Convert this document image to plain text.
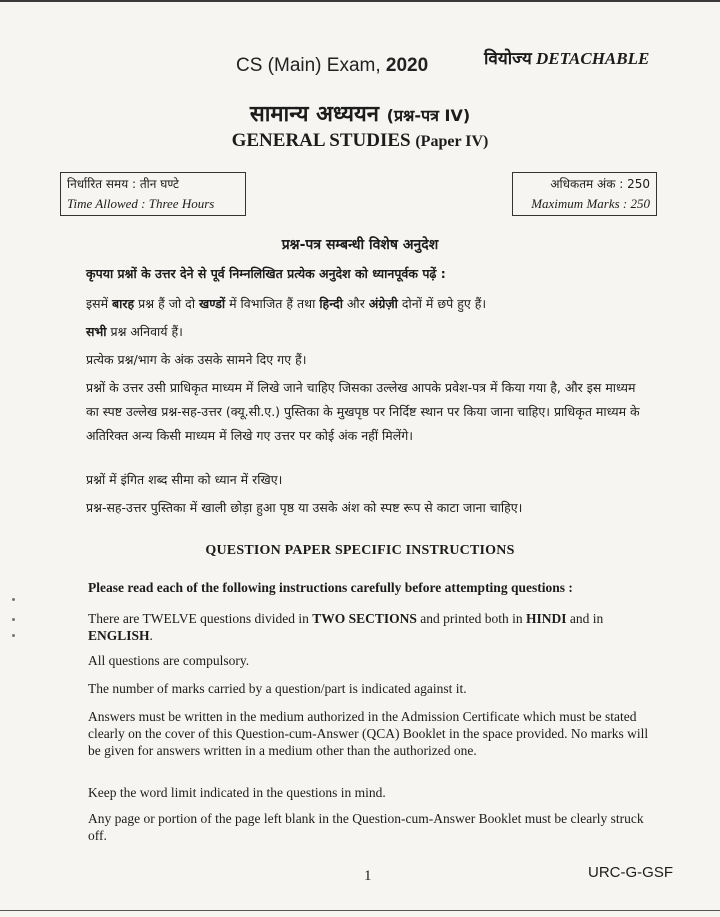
CS (Main) Exam, 2020	वियोज्य DETACHABLE
सामान्य अध्ययन (प्रश्न-पत्र IV)
GENERAL STUDIES (Paper IV)
निर्धारित समय : तीन घण्टे
Time Allowed : Three Hours
अधिकतम अंक : 250
Maximum Marks : 250
प्रश्न-पत्र सम्बन्धी विशेष अनुदेश
कृपया प्रश्नों के उत्तर देने से पूर्व निम्नलिखित प्रत्येक अनुदेश को ध्यानपूर्वक पढ़ें :
इसमें बारह प्रश्न हैं जो दो खण्डों में विभाजित हैं तथा हिन्दी और अंग्रेज़ी दोनों में छपे हुए हैं।
सभी प्रश्न अनिवार्य हैं।
प्रत्येक प्रश्न/भाग के अंक उसके सामने दिए गए हैं।
प्रश्नों के उत्तर उसी प्राधिकृत माध्यम में लिखे जाने चाहिए जिसका उल्लेख आपके प्रवेश-पत्र में किया गया है, और इस माध्यम का स्पष्ट उल्लेख प्रश्न-सह-उत्तर (क्यू.सी.ए.) पुस्तिका के मुखपृष्ठ पर निर्दिष्ट स्थान पर किया जाना चाहिए। प्राधिकृत माध्यम के अतिरिक्त अन्य किसी माध्यम में लिखे गए उत्तर पर कोई अंक नहीं मिलेंगे।
प्रश्नों में इंगित शब्द सीमा को ध्यान में रखिए।
प्रश्न-सह-उत्तर पुस्तिका में खाली छोड़ा हुआ पृष्ठ या उसके अंश को स्पष्ट रूप से काटा जाना चाहिए।
QUESTION PAPER SPECIFIC INSTRUCTIONS
Please read each of the following instructions carefully before attempting questions :
There are TWELVE questions divided in TWO SECTIONS and printed both in HINDI and in ENGLISH.
All questions are compulsory.
The number of marks carried by a question/part is indicated against it.
Answers must be written in the medium authorized in the Admission Certificate which must be stated clearly on the cover of this Question-cum-Answer (QCA) Booklet in the space provided. No marks will be given for answers written in a medium other than the authorized one.
Keep the word limit indicated in the questions in mind.
Any page or portion of the page left blank in the Question-cum-Answer Booklet must be clearly struck off.
1	URC-G-GSF
